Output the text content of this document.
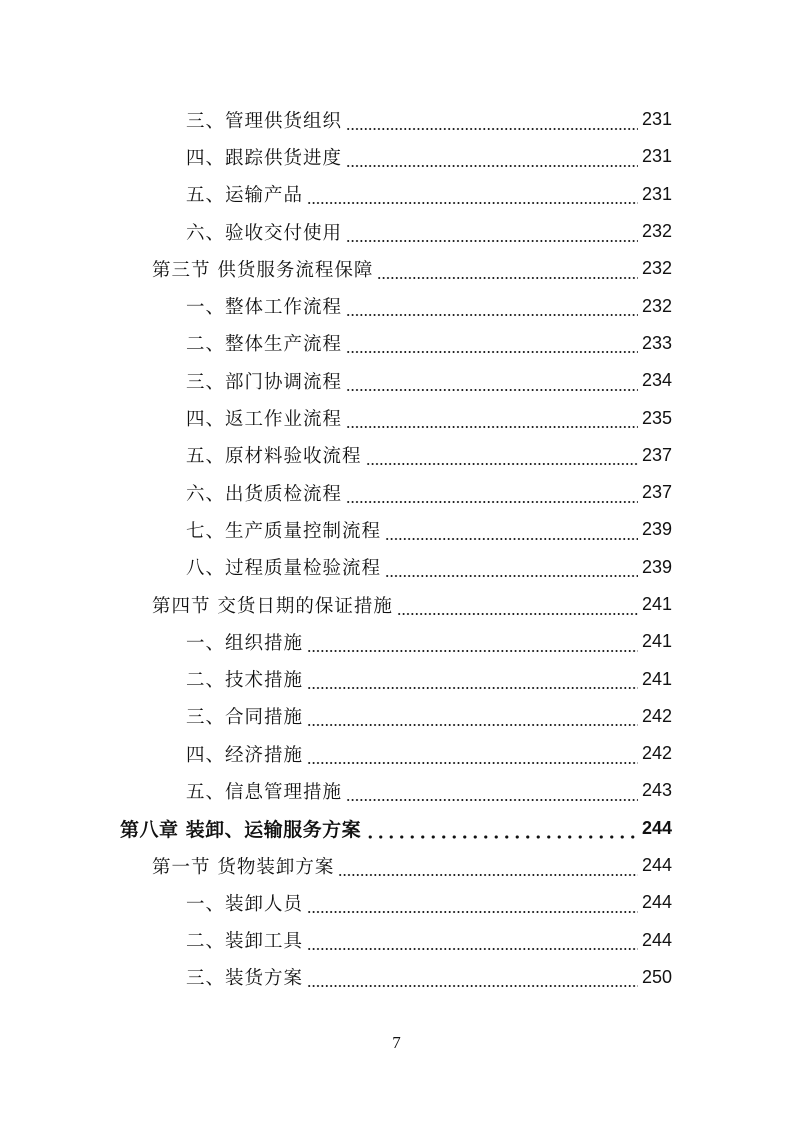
三、管理供货组织	231
四、跟踪供货进度	231
五、运输产品	231
六、验收交付使用	232
第三节 供货服务流程保障	232
一、整体工作流程	232
二、整体生产流程	233
三、部门协调流程	234
四、返工作业流程	235
五、原材料验收流程	237
六、出货质检流程	237
七、生产质量控制流程	239
八、过程质量检验流程	239
第四节 交货日期的保证措施	241
一、组织措施	241
二、技术措施	241
三、合同措施	242
四、经济措施	242
五、信息管理措施	243
第八章 装卸、运输服务方案	244
第一节 货物装卸方案	244
一、装卸人员	244
二、装卸工具	244
三、装货方案	250
7
